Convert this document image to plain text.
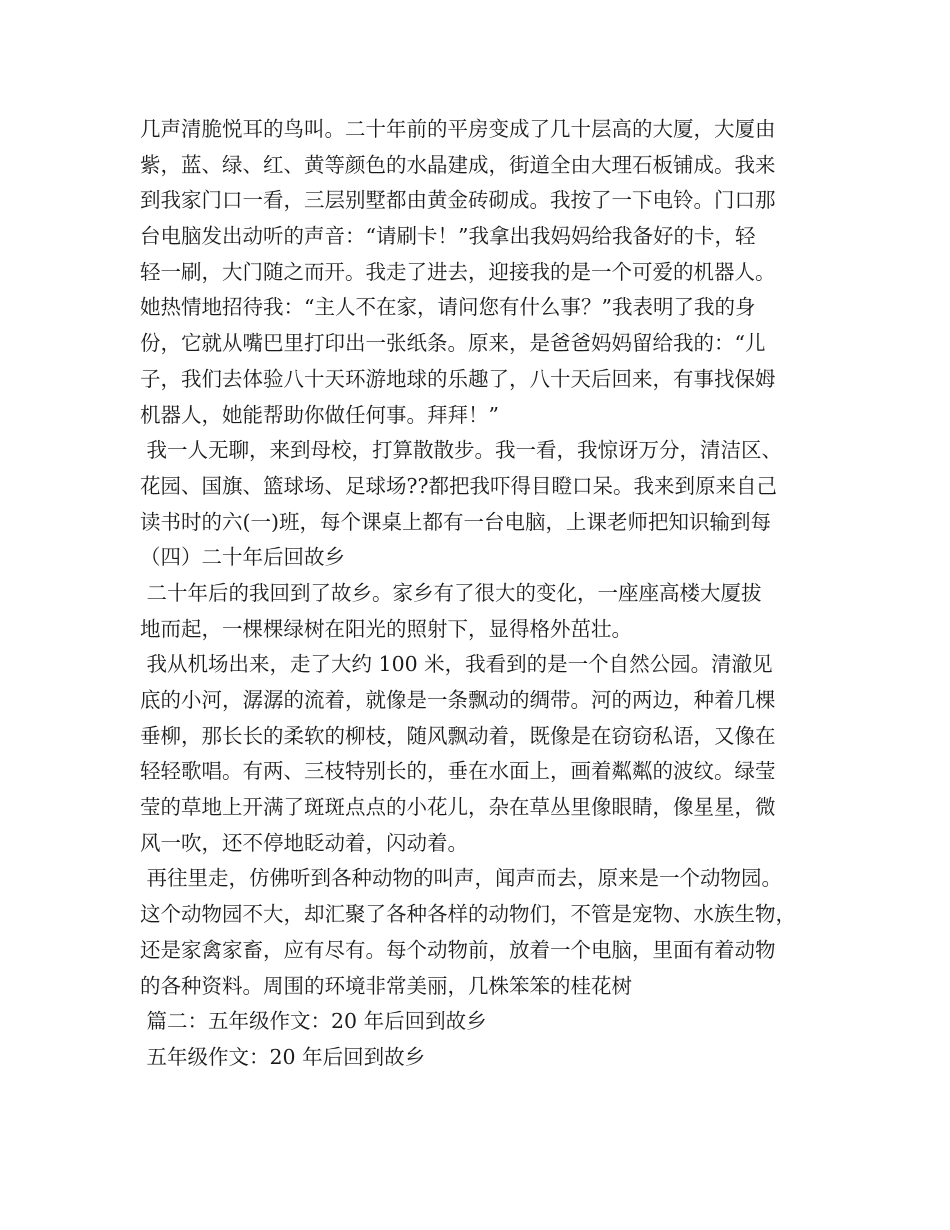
几声清脆悦耳的鸟叫。二十年前的平房变成了几十层高的大厦，大厦由
紫，蓝、绿、红、黄等颜色的水晶建成，街道全由大理石板铺成。我来
到我家门口一看，三层别墅都由黄金砖砌成。我按了一下电铃。门口那
台电脑发出动听的声音：“请刷卡！”我拿出我妈妈给我备好的卡，轻
轻一刷，大门随之而开。我走了进去，迎接我的是一个可爱的机器人。
她热情地招待我：“主人不在家，请问您有什么事？”我表明了我的身
份，它就从嘴巴里打印出一张纸条。原来，是爸爸妈妈留给我的：“儿
子，我们去体验八十天环游地球的乐趣了，八十天后回来，有事找保姆
机器人，她能帮助你做任何事。拜拜！”
我一人无聊，来到母校，打算散散步。我一看，我惊讶万分，清洁区、
花园、国旗、篮球场、足球场??都把我吓得目瞪口呆。我来到原来自己
读书时的六(一)班，每个课桌上都有一台电脑，上课老师把知识输到每
（四）二十年后回故乡
二十年后的我回到了故乡。家乡有了很大的变化，一座座高楼大厦拔
地而起，一棵棵绿树在阳光的照射下，显得格外茁壮。
我从机场出来，走了大约 100 米，我看到的是一个自然公园。清澈见
底的小河，潺潺的流着，就像是一条飘动的绸带。河的两边，种着几棵
垂柳，那长长的柔软的柳枝，随风飘动着，既像是在窃窃私语，又像在
轻轻歌唱。有两、三枝特别长的，垂在水面上，画着粼粼的波纹。绿莹
莹的草地上开满了斑斑点点的小花儿，杂在草丛里像眼睛，像星星，微
风一吹，还不停地眨动着，闪动着。
再往里走，仿佛听到各种动物的叫声，闻声而去，原来是一个动物园。
这个动物园不大，却汇聚了各种各样的动物们，不管是宠物、水族生物，
还是家禽家畜，应有尽有。每个动物前，放着一个电脑，里面有着动物
的各种资料。周围的环境非常美丽，几株笨笨的桂花树
篇二：五年级作文：20 年后回到故乡
五年级作文：20 年后回到故乡
